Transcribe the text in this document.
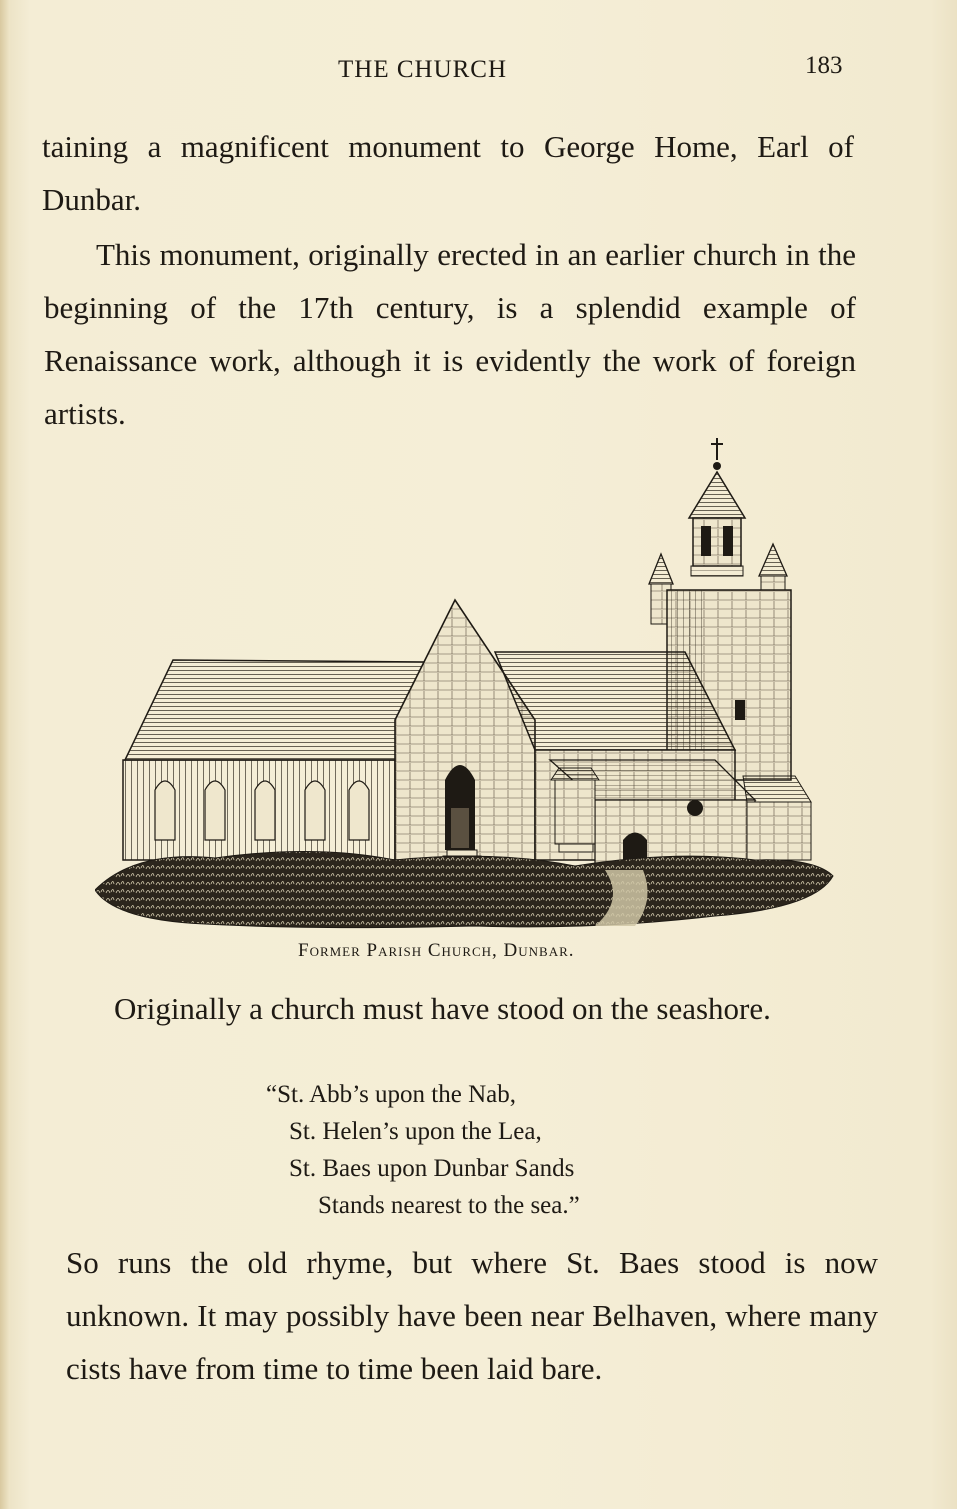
THE CHURCH	183
taining a magnificent monument to George Home, Earl of Dunbar.
This monument, originally erected in an earlier church in the beginning of the 17th century, is a splendid example of Renaissance work, although it is evidently the work of foreign artists.
Former Parish Church, Dunbar.
Originally a church must have stood on the seashore.
“St. Abb’s upon the Nab,
St. Helen’s upon the Lea,
St. Baes upon Dunbar Sands
Stands nearest to the sea.”
So runs the old rhyme, but where St. Baes stood is now unknown. It may possibly have been near Belhaven, where many cists have from time to time been laid bare.
